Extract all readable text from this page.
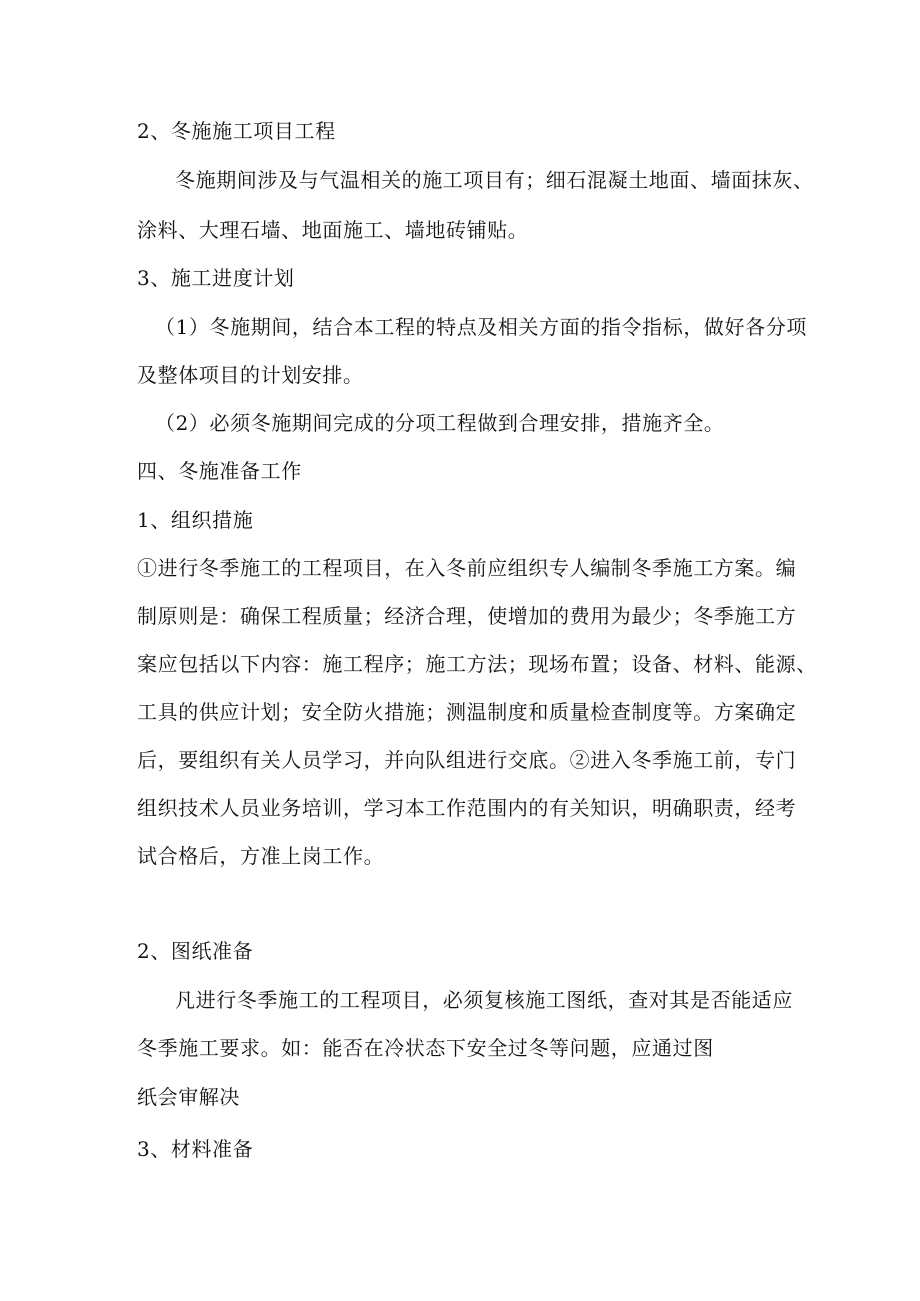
2、冬施施工项目工程
冬施期间涉及与气温相关的施工项目有；细石混凝土地面、墙面抹灰、
涂料、大理石墙、地面施工、墙地砖铺贴。
3、施工进度计划
（1）冬施期间，结合本工程的特点及相关方面的指令指标，做好各分项
及整体项目的计划安排。
（2）必须冬施期间完成的分项工程做到合理安排，措施齐全。
四、冬施准备工作
1、组织措施
①进行冬季施工的工程项目，在入冬前应组织专人编制冬季施工方案。编
制原则是：确保工程质量；经济合理，使增加的费用为最少；冬季施工方
案应包括以下内容：施工程序；施工方法；现场布置；设备、材料、能源、
工具的供应计划；安全防火措施；测温制度和质量检查制度等。方案确定
后，要组织有关人员学习，并向队组进行交底。②进入冬季施工前，专门
组织技术人员业务培训，学习本工作范围内的有关知识，明确职责，经考
试合格后，方准上岗工作。
2、图纸准备
凡进行冬季施工的工程项目，必须复核施工图纸，查对其是否能适应
冬季施工要求。如：能否在冷状态下安全过冬等问题，应通过图
纸会审解决
3、材料准备
